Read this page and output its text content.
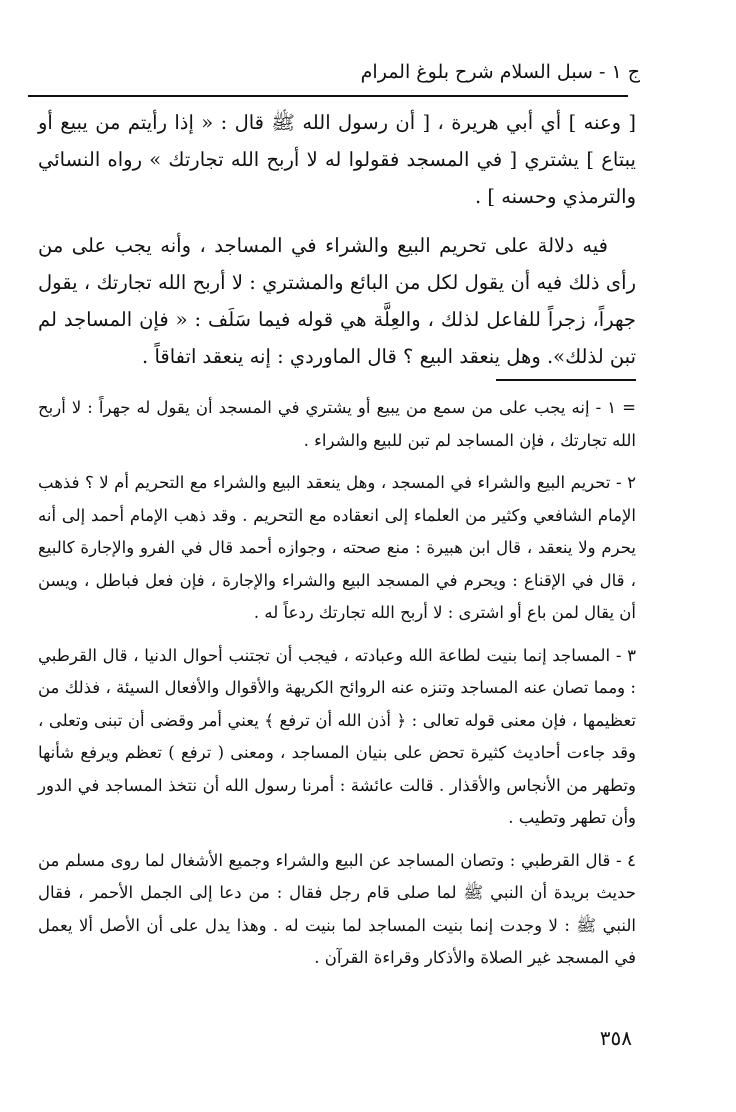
ج ١ - سبل السلام شرح بلوغ المرام

[ وعنه ] أي أبي هريرة ، [ أن رسول الله ﷺ قال : « إذا رأيتم من يبيع أو يبتاع ] يشتري [ في المسجد فقولوا له لا أربح الله تجارتك » رواه النسائي والترمذي وحسنه ] .

فيه دلالة على تحريم البيع والشراء في المساجد ، وأنه يجب على من رأى ذلك فيه أن يقول لكل من البائع والمشتري : لا أربح الله تجارتك ، يقول جهراً، زجراً للفاعل لذلك ، والعِلَّة هي قوله فيما سَلَف : « فإن المساجد لم تبن لذلك». وهل ينعقد البيع ؟ قال الماوردي : إنه ينعقد اتفاقاً .

= ١ - إنه يجب على من سمع من يبيع أو يشتري في المسجد أن يقول له جهراً : لا أربح الله تجارتك ، فإن المساجد لم تبن للبيع والشراء .

٢ - تحريم البيع والشراء في المسجد ، وهل ينعقد البيع والشراء مع التحريم أم لا ؟ فذهب الإمام الشافعي وكثير من العلماء إلى انعقاده مع التحريم . وقد ذهب الإمام أحمد إلى أنه يحرم ولا ينعقد ، قال ابن هبيرة : منع صحته ، وجوازه أحمد قال في الفرو والإجارة كالبيع ، قال في الإقناع : ويحرم في المسجد البيع والشراء والإجارة ، فإن فعل فباطل ، ويسن أن يقال لمن باع أو اشترى : لا أربح الله تجارتك ردعاً له .

٣ - المساجد إنما بنيت لطاعة الله وعبادته ، فيجب أن تجتنب أحوال الدنيا ، قال القرطبي : ومما تصان عنه المساجد وتنزه عنه الروائح الكريهة والأقوال والأفعال السيئة ، فذلك من تعظيمها ، فإن معنى قوله تعالى : ﴿ أذن الله أن ترفع ﴾ يعني أمر وقضى أن تبنى وتعلى ، وقد جاءت أحاديث كثيرة تحض على بنيان المساجد ، ومعنى ( ترفع ) تعظم ويرفع شأنها وتطهر من الأنجاس والأقذار . قالت عائشة : أمرنا رسول الله أن نتخذ المساجد في الدور وأن تطهر وتطيب .

٤ - قال القرطبي : وتصان المساجد عن البيع والشراء وجميع الأشغال لما روى مسلم من حديث بريدة أن النبي ﷺ لما صلى قام رجل فقال : من دعا إلى الجمل الأحمر ، فقال النبي ﷺ : لا وجدت إنما بنيت المساجد لما بنيت له . وهذا يدل على أن الأصل ألا يعمل في المسجد غير الصلاة والأذكار وقراءة القرآن .

٣٥٨
